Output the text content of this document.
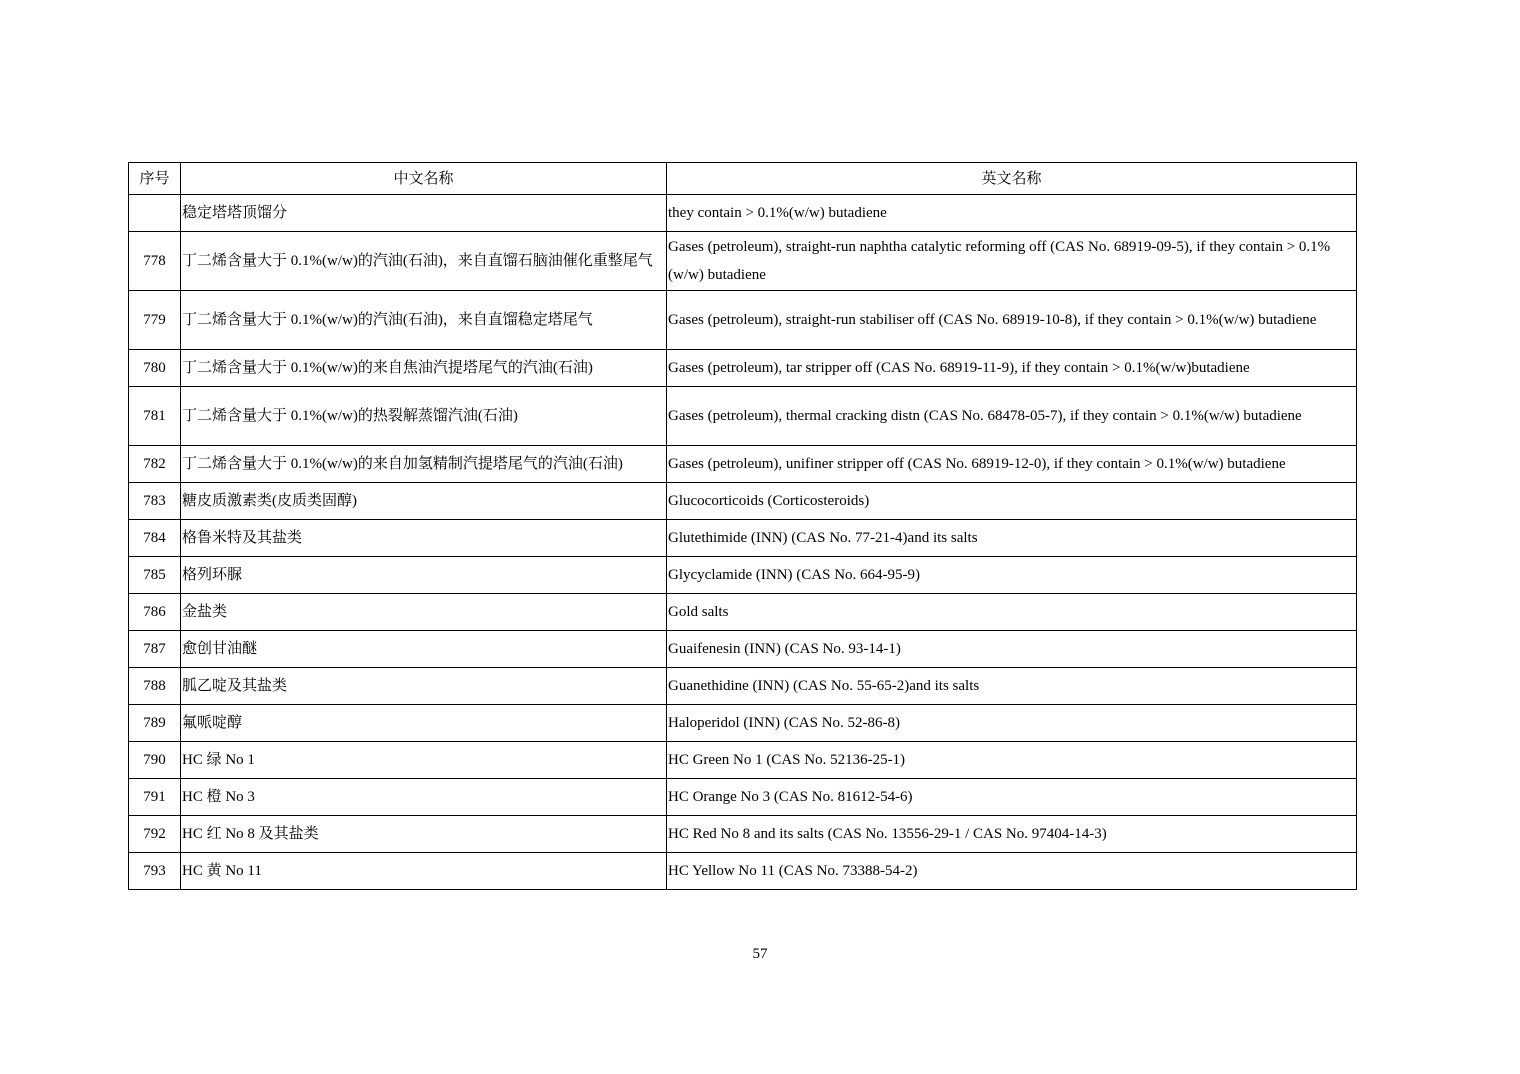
序号	中文名称	英文名称
	稳定塔塔顶馏分	they contain > 0.1%(w/w) butadiene
778	丁二烯含量大于 0.1%(w/w)的汽油(石油)，来自直馏石脑油催化重整尾气	Gases (petroleum), straight-run naphtha catalytic reforming off (CAS No. 68919-09-5), if they contain > 0.1%(w/w) butadiene
779	丁二烯含量大于 0.1%(w/w)的汽油(石油)，来自直馏稳定塔尾气	Gases (petroleum), straight-run stabiliser off (CAS No. 68919-10-8), if they contain > 0.1%(w/w) butadiene
780	丁二烯含量大于 0.1%(w/w)的来自焦油汽提塔尾气的汽油(石油)	Gases (petroleum), tar stripper off (CAS No. 68919-11-9), if they contain > 0.1%(w/w)butadiene
781	丁二烯含量大于 0.1%(w/w)的热裂解蒸馏汽油(石油)	Gases (petroleum), thermal cracking distn (CAS No. 68478-05-7), if they contain > 0.1%(w/w) butadiene
782	丁二烯含量大于 0.1%(w/w)的来自加氢精制汽提塔尾气的汽油(石油)	Gases (petroleum), unifiner stripper off (CAS No. 68919-12-0), if they contain > 0.1%(w/w) butadiene
783	糖皮质激素类(皮质类固醇)	Glucocorticoids (Corticosteroids)
784	格鲁米特及其盐类	Glutethimide (INN) (CAS No. 77-21-4)and its salts
785	格列环脲	Glycyclamide (INN) (CAS No. 664-95-9)
786	金盐类	Gold salts
787	愈创甘油醚	Guaifenesin (INN) (CAS No. 93-14-1)
788	胍乙啶及其盐类	Guanethidine (INN) (CAS No. 55-65-2)and its salts
789	氟哌啶醇	Haloperidol (INN) (CAS No. 52-86-8)
790	HC 绿 No 1	HC Green No 1 (CAS No. 52136-25-1)
791	HC 橙 No 3	HC Orange No 3 (CAS No. 81612-54-6)
792	HC 红 No 8 及其盐类	HC Red No 8 and its salts (CAS No. 13556-29-1 / CAS No. 97404-14-3)
793	HC 黄 No 11	HC Yellow No 11 (CAS No. 73388-54-2)
57
